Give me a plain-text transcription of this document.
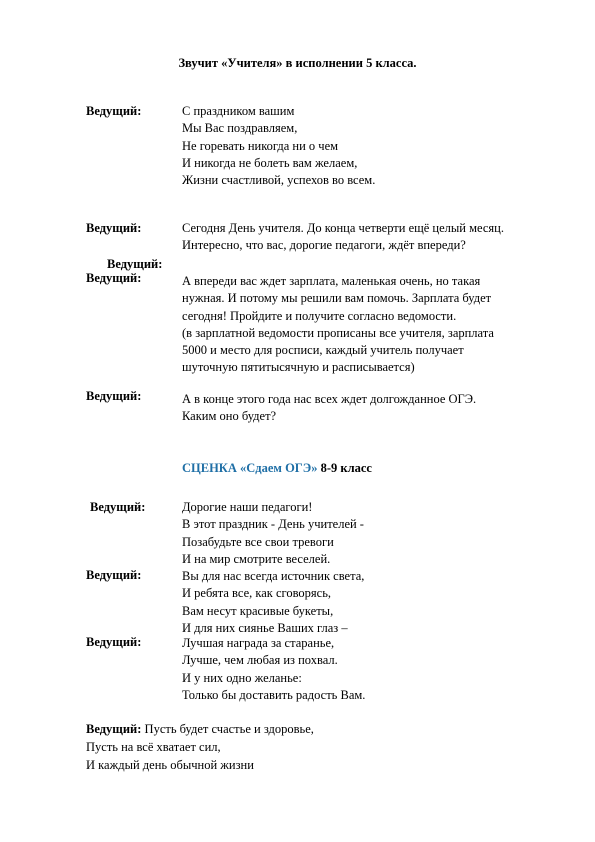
Звучит «Учителя» в исполнении 5 класса.
Ведущий:	С праздником вашим
Мы Вас поздравляем,
Не горевать никогда ни о чем
И никогда не болеть вам желаем,
Жизни счастливой, успехов во всем.
Ведущий:	Сегодня День учителя. До конца четверти ещё целый месяц.
Интересно, что вас, дорогие педагоги, ждёт впереди?
Ведущий:
Ведущий:	А впереди вас ждет зарплата, маленькая очень, но такая
нужная. И потому мы решили вам помочь. Зарплата будет
сегодня! Пройдите и получите согласно ведомости.
(в зарплатной ведомости прописаны все учителя, зарплата
5000 и место для росписи, каждый учитель получает
шуточную пятитысячную и расписывается)
Ведущий:	А в конце этого года нас всех ждет долгожданное ОГЭ.
Каким оно будет?
СЦЕНКА «Сдаем ОГЭ» 8-9 класс
Ведущий:	Дорогие наши педагоги!
В этот праздник - День учителей -
Позабудьте все свои тревоги
И на мир смотрите веселей.
Ведущий:	Вы для нас всегда источник света,
И ребята все, как сговорясь,
Вам несут красивые букеты,
И для них сиянье Ваших глаз –
Ведущий:	Лучшая награда за старанье,
Лучше, чем любая из похвал.
И у них одно желанье:
Только бы доставить радость Вам.
Ведущий: Пусть будет счастье и здоровье,
Пусть на всё хватает сил,
И каждый день обычной жизни
